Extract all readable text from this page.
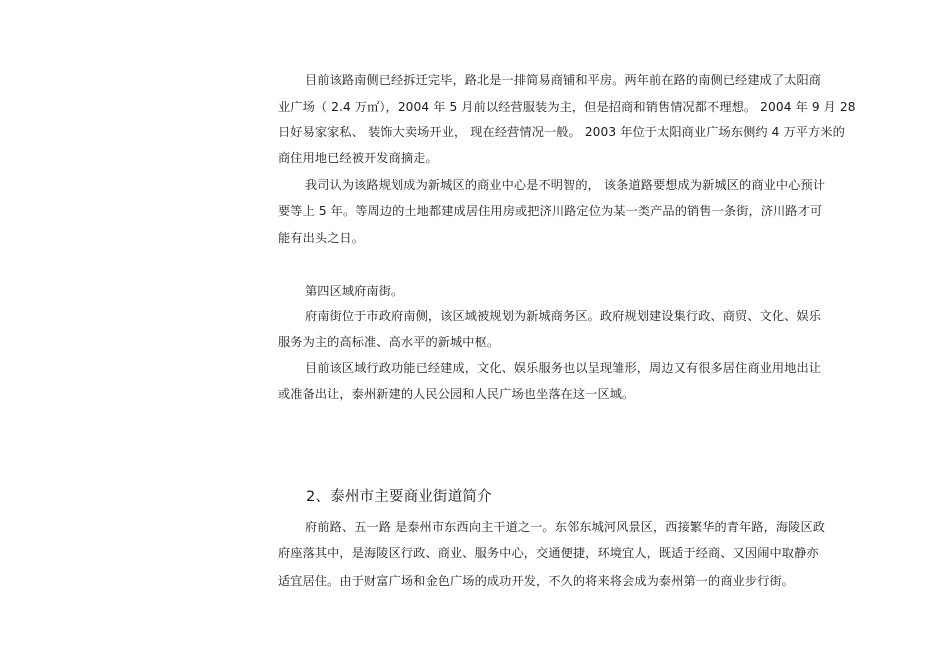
目前该路南侧已经拆迁完毕，路北是一排简易商铺和平房。两年前在路的南侧已经建成了太阳商
业广场（ 2.4 万㎡），2004 年 5 月前以经营服装为主，但是招商和销售情况都不理想。 2004 年 9 月 28
日好易家家私、 装饰大卖场开业， 现在经营情况一般。 2003 年位于太阳商业广场东侧约 4 万平方米的
商住用地已经被开发商摘走。
我司认为该路规划成为新城区的商业中心是不明智的， 该条道路要想成为新城区的商业中心预计
要等上 5 年。等周边的土地都建成居住用房或把济川路定位为某一类产品的销售一条街，济川路才可
能有出头之日。
第四区域府南街。
府南街位于市政府南侧，该区域被规划为新城商务区。政府规划建设集行政、商贸、文化、娱乐
服务为主的高标准、高水平的新城中枢。
目前该区域行政功能已经建成，文化、娱乐服务也以呈现雏形，周边又有很多居住商业用地出让
或准备出让，泰州新建的人民公园和人民广场也坐落在这一区域。
2、泰州市主要商业街道简介
府前路、五一路 是泰州市东西向主干道之一。东邻东城河风景区，西接繁华的青年路，海陵区政
府座落其中，是海陵区行政、商业、服务中心，交通便捷，环境宜人，既适于经商、又因闹中取静亦
适宜居住。由于财富广场和金色广场的成功开发，不久的将来将会成为泰州第一的商业步行街。
